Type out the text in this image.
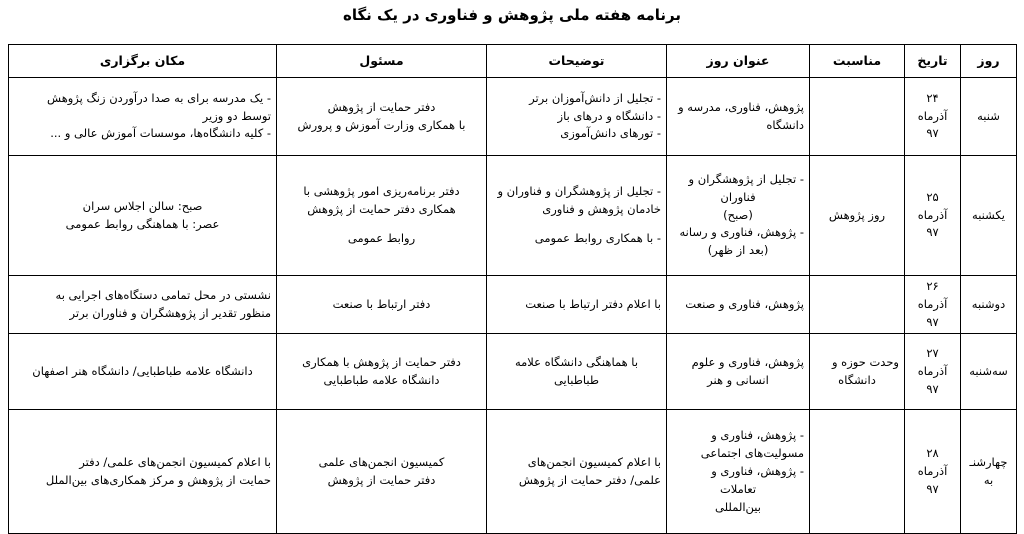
برنامه هفته ملی پژوهش و فناوری در یک نگاه
روز	تاریخ	مناسبت	عنوان روز	توضیحات	مسئول	مکان برگزاری

شنبه	۲۴
آذرماه
۹۷		پژوهش، فناوری، مدرسه و
دانشگاه	- تجلیل از دانش‌آموزان برتر
- دانشگاه و درهای باز
- تورهای دانش‌آموزی	دفتر حمایت از پژوهش
با همکاری وزارت آموزش و پرورش	- یک مدرسه برای به صدا درآوردن زنگ پژوهش
توسط دو وزیر
- کلیه دانشگاه‌ها، موسسات آموزش عالی و ...

یکشنبه	۲۵
آذرماه
۹۷	روز پژوهش	- تجلیل از پژوهشگران و
فناوران
(صبح)
- پژوهش، فناوری و رسانه
(بعد از ظهر)	- تجلیل از پژوهشگران و فناوران و
خادمان پژوهش و فناوری
- با همکاری روابط عمومی	دفتر برنامه‌ریزی امور پژوهشی با
همکاری دفتر حمایت از پژوهش
روابط عمومی	صبح: سالن اجلاس سران
عصر: با هماهنگی روابط عمومی

دوشنبه	۲۶ آذرماه
۹۷		پژوهش، فناوری و صنعت	با اعلام دفتر ارتباط با صنعت	دفتر ارتباط با صنعت	نشستی در محل تمامی دستگاه‌های اجرایی به
منظور تقدیر از پژوهشگران و فناوران برتر

سه‌شنبه	۲۷
آذرماه
۹۷	وحدت حوزه و
دانشگاه	پژوهش، فناوری و علوم
انسانی و هنر	با هماهنگی دانشگاه علامه
طباطبایی	دفتر حمایت از پژوهش با همکاری
دانشگاه علامه طباطبایی	دانشگاه علامه طباطبایی/ دانشگاه هنر اصفهان

چهارشنـ
به	۲۸
آذرماه
۹۷		- پژوهش، فناوری و
مسولیت‌های اجتماعی
- پژوهش، فناوری و
تعاملات
بین‌المللی	با اعلام کمیسیون انجمن‌های
علمی/ دفتر حمایت از پژوهش	کمیسیون انجمن‌های علمی
دفتر حمایت از پژوهش	با اعلام کمیسیون انجمن‌های علمی/ دفتر
حمایت از پژوهش و مرکز همکاری‌های بین‌الملل
